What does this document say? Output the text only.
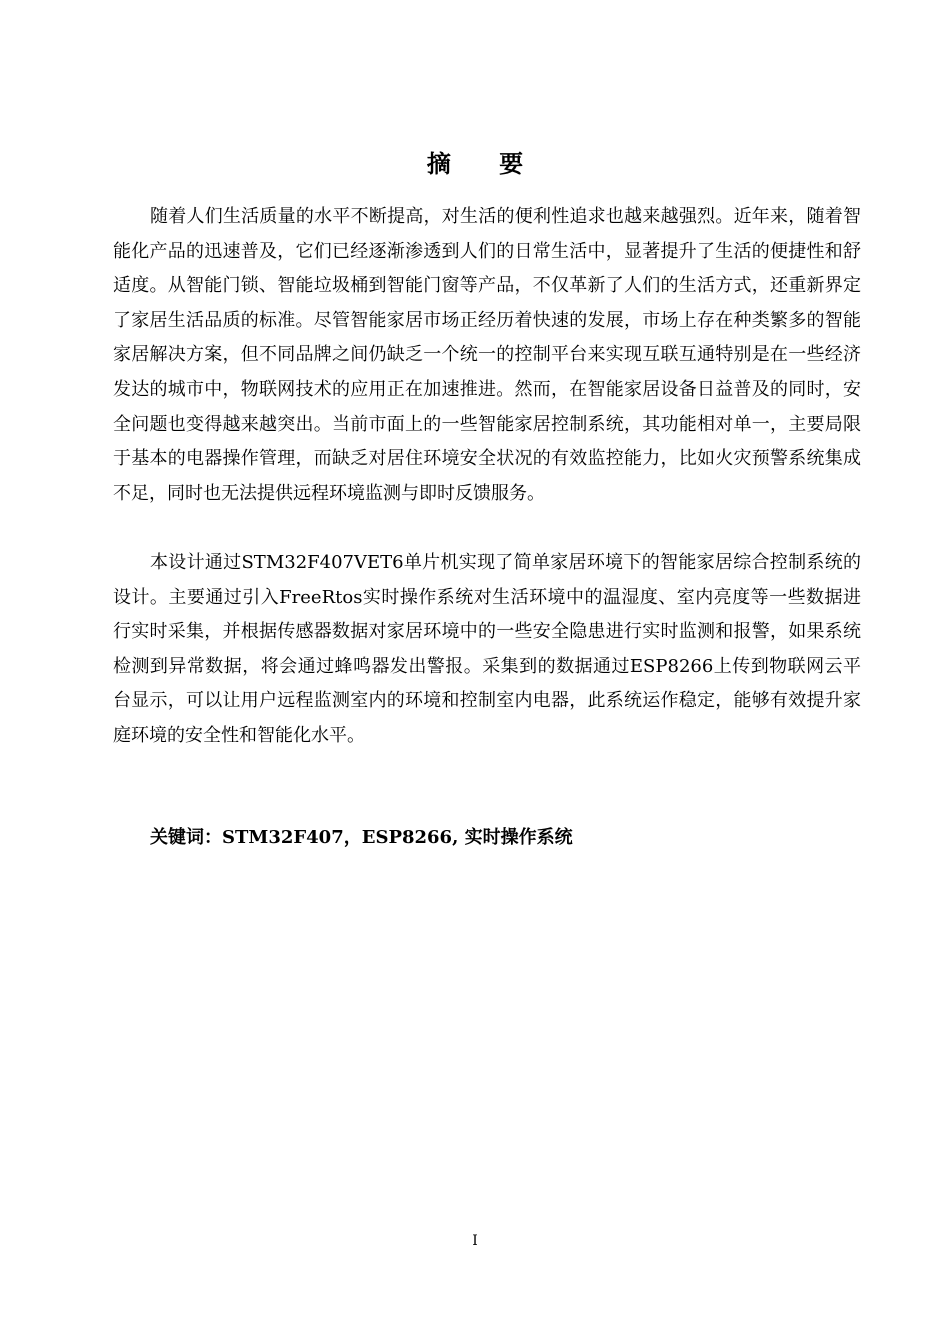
摘 要
随着人们生活质量的水平不断提高，对生活的便利性追求也越来越强烈。近年来，随着智能化产品的迅速普及，它们已经逐渐渗透到人们的日常生活中，显著提升了生活的便捷性和舒适度。从智能门锁、智能垃圾桶到智能门窗等产品，不仅革新了人们的生活方式，还重新界定了家居生活品质的标准。尽管智能家居市场正经历着快速的发展，市场上存在种类繁多的智能家居解决方案，但不同品牌之间仍缺乏一个统一的控制平台来实现互联互通特别是在一些经济发达的城市中，物联网技术的应用正在加速推进。然而，在智能家居设备日益普及的同时，安全问题也变得越来越突出。当前市面上的一些智能家居控制系统，其功能相对单一，主要局限于基本的电器操作管理，而缺乏对居住环境安全状况的有效监控能力，比如火灾预警系统集成不足，同时也无法提供远程环境监测与即时反馈服务。
本设计通过STM32F407VET6单片机实现了简单家居环境下的智能家居综合控制系统的设计。主要通过引入FreeRtos实时操作系统对生活环境中的温湿度、室内亮度等一些数据进行实时采集，并根据传感器数据对家居环境中的一些安全隐患进行实时监测和报警，如果系统检测到异常数据，将会通过蜂鸣器发出警报。采集到的数据通过ESP8266上传到物联网云平台显示，可以让用户远程监测室内的环境和控制室内电器，此系统运作稳定，能够有效提升家庭环境的安全性和智能化水平。
关键词：STM32F407，ESP8266, 实时操作系统
I
